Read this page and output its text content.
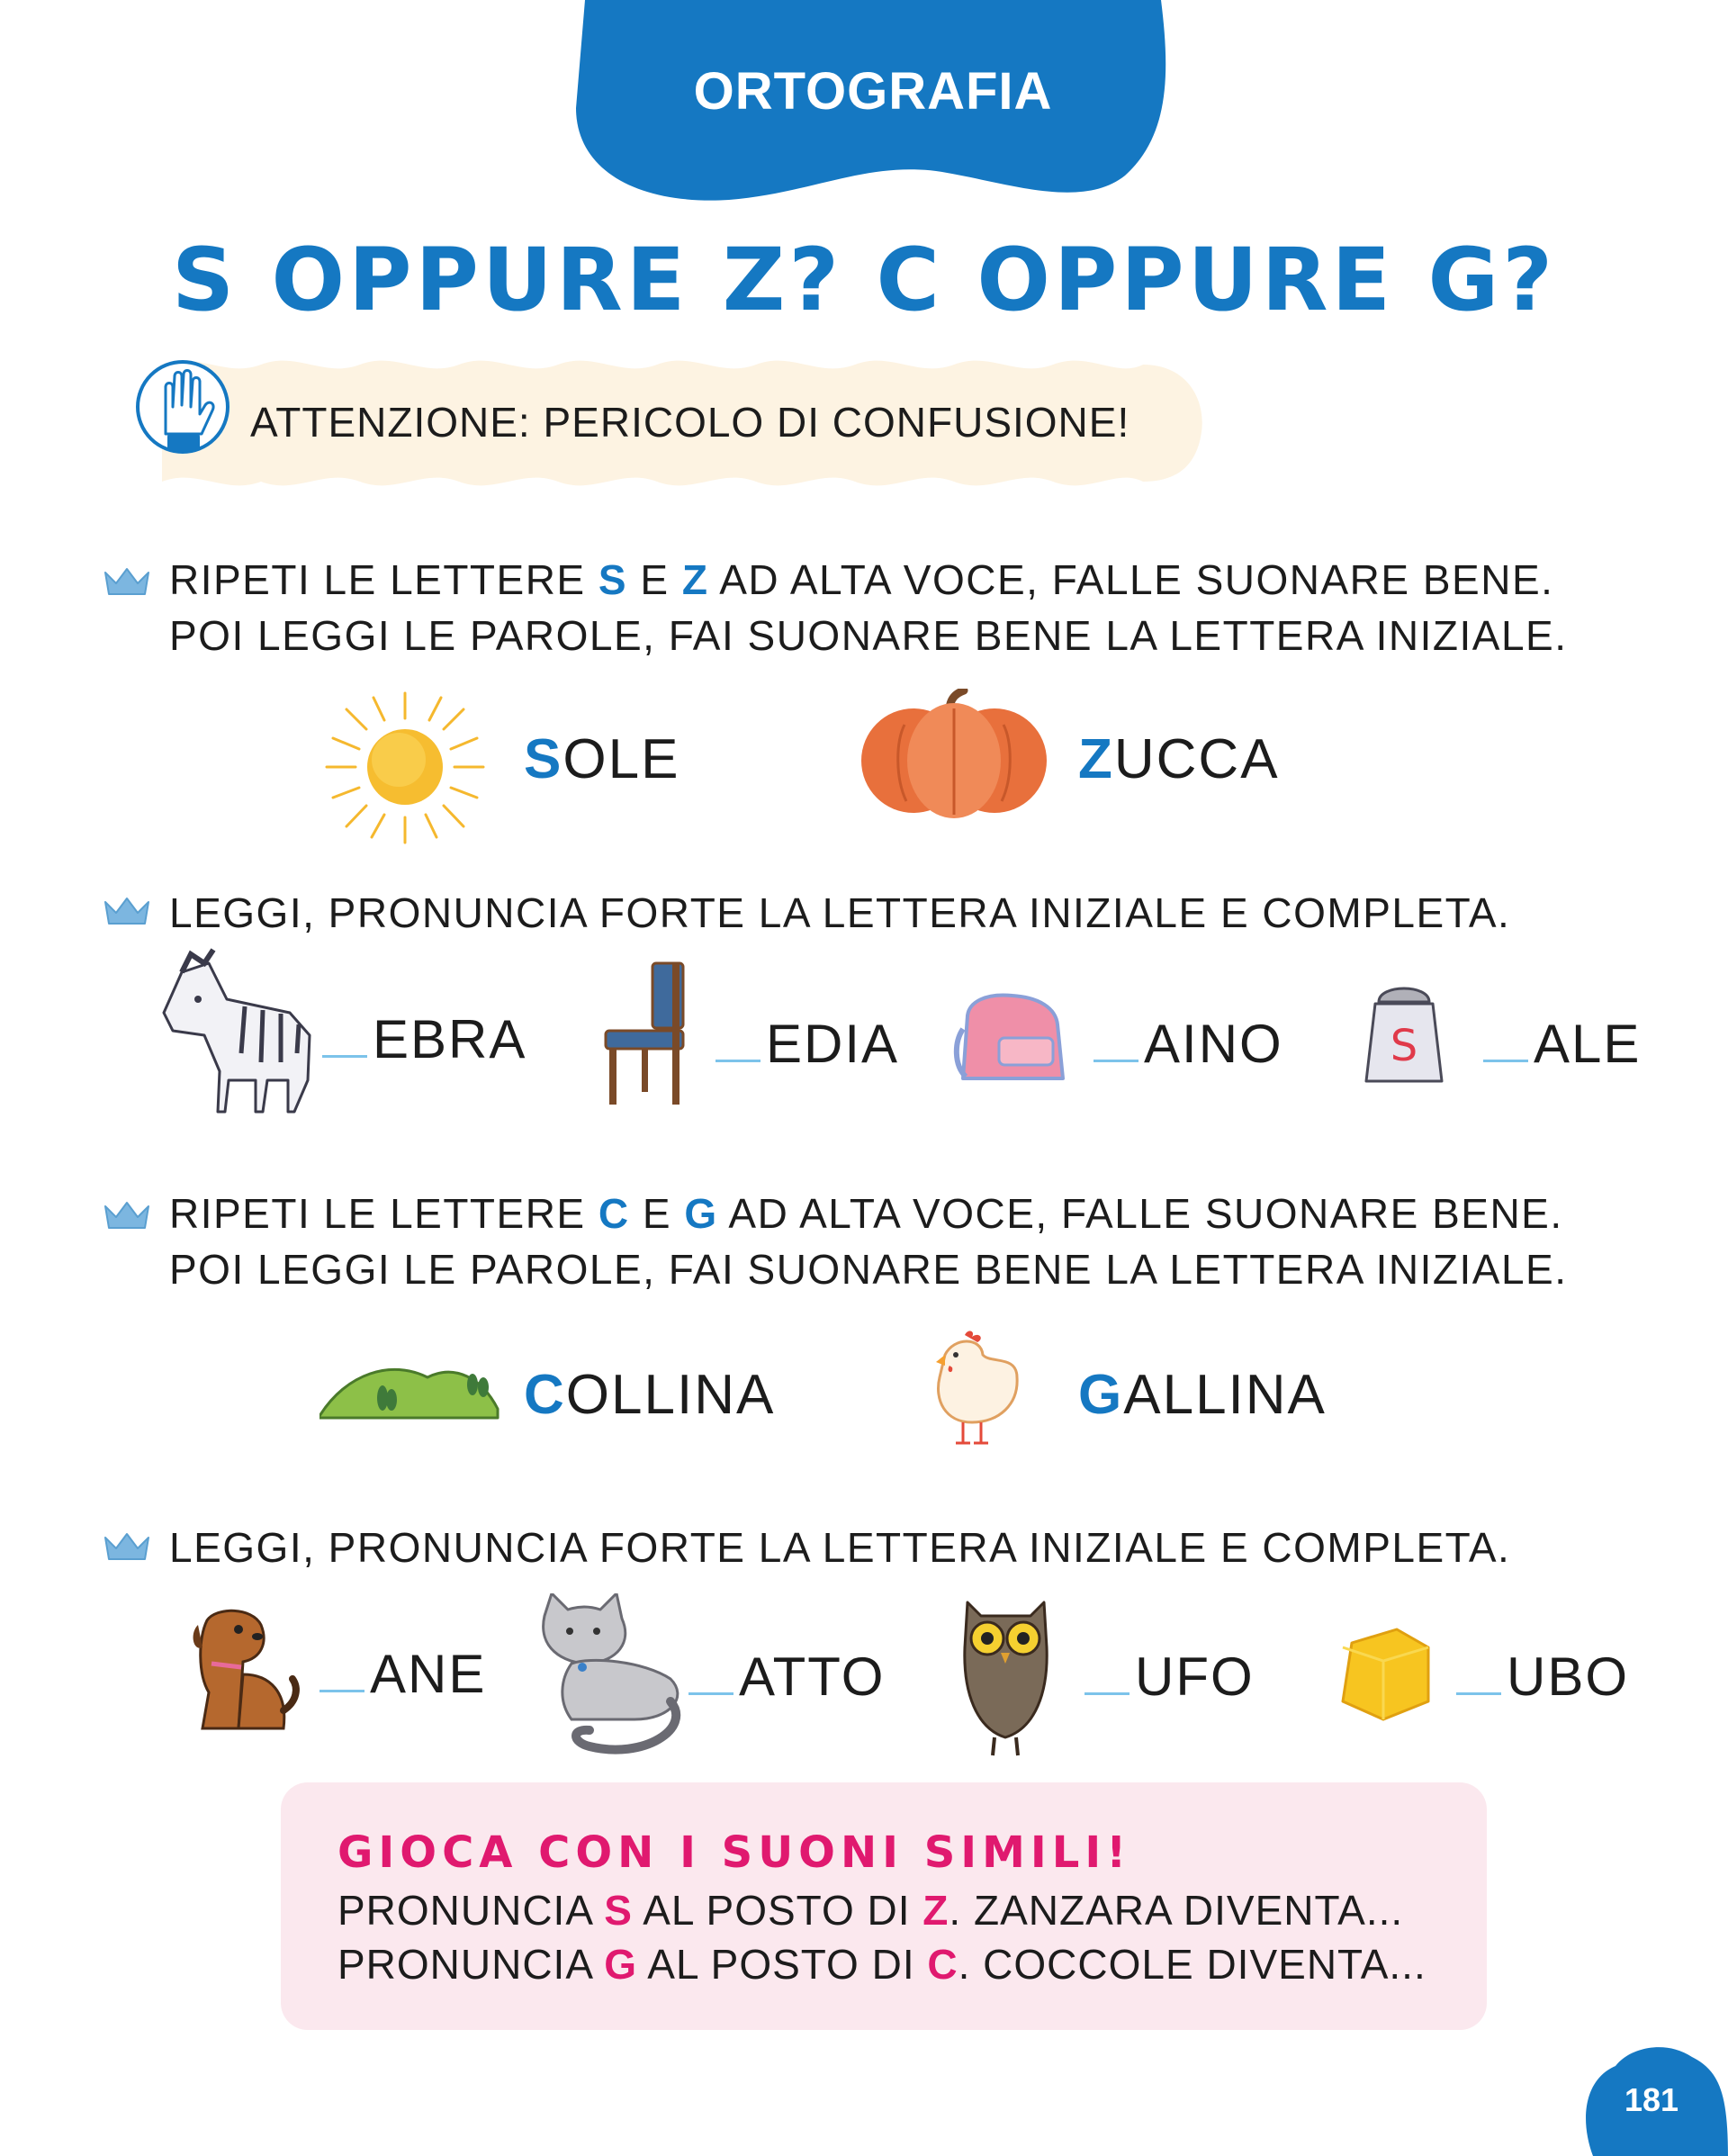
ORTOGRAFIA
S OPPURE Z? C OPPURE G?
ATTENZIONE: PERICOLO DI CONFUSIONE!
RIPETI LE LETTERE S E Z AD ALTA VOCE, FALLE SUONARE BENE.
POI LEGGI LE PAROLE, FAI SUONARE BENE LA LETTERA INIZIALE.
SOLE	ZUCCA
LEGGI, PRONUNCIA FORTE LA LETTERA INIZIALE E COMPLETA.
EBRA	EDIA	AINO S	ALE
RIPETI LE LETTERE C E G AD ALTA VOCE, FALLE SUONARE BENE.
POI LEGGI LE PAROLE, FAI SUONARE BENE LA LETTERA INIZIALE.
COLLINA	GALLINA
LEGGI, PRONUNCIA FORTE LA LETTERA INIZIALE E COMPLETA.
ANE	ATTO	UFO	UBO
GIOCA CON I SUONI SIMILI!
PRONUNCIA S AL POSTO DI Z. ZANZARA DIVENTA...
PRONUNCIA G AL POSTO DI C. COCCOLE DIVENTA...
181
